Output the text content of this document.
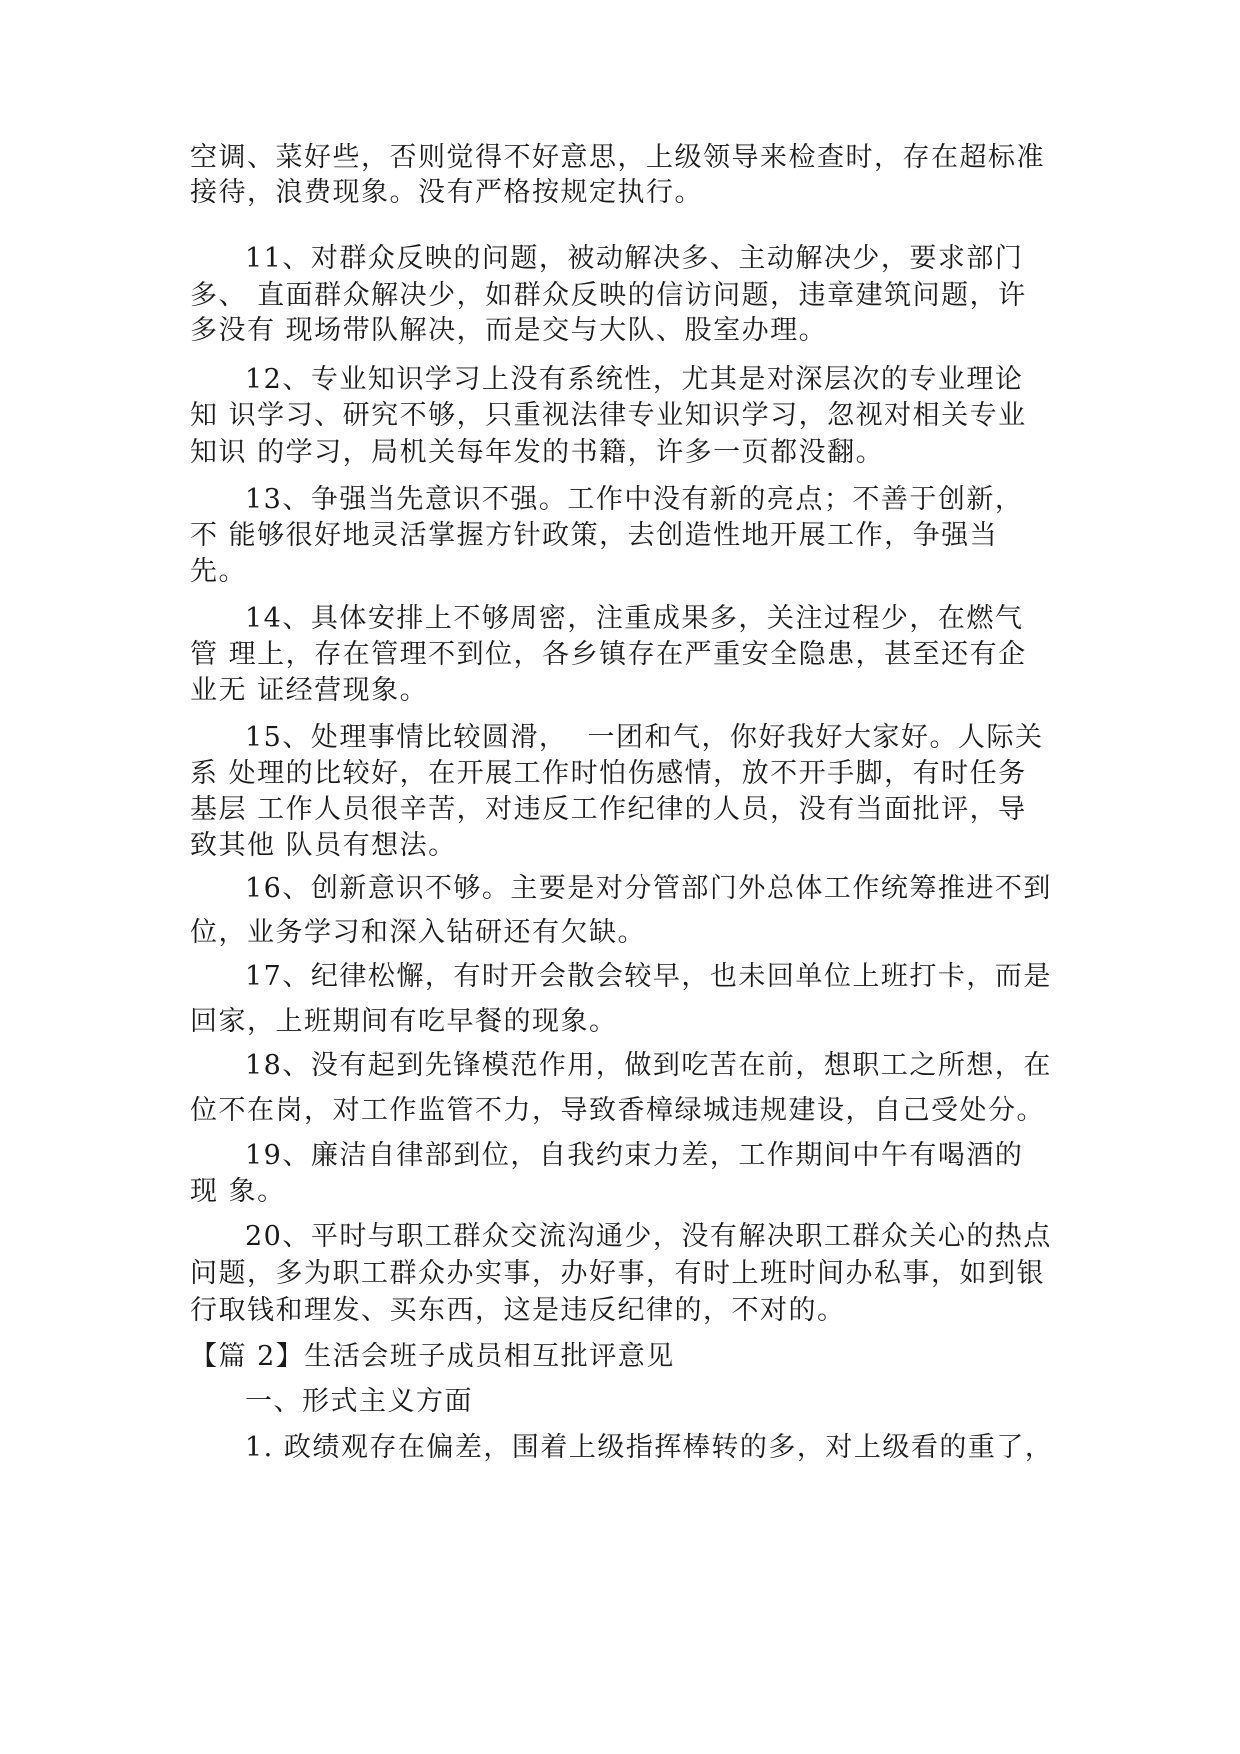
空调、菜好些，否则觉得不好意思，上级领导来检查时，存在超标准
接待，浪费现象。没有严格按规定执行。
11、对群众反映的问题，被动解决多、主动解决少，要求部门
多、 直面群众解决少，如群众反映的信访问题，违章建筑问题，许
多没有 现场带队解决，而是交与大队、股室办理。
12、专业知识学习上没有系统性，尤其是对深层次的专业理论
知 识学习、研究不够，只重视法律专业知识学习，忽视对相关专业
知识 的学习，局机关每年发的书籍，许多一页都没翻。
13、争强当先意识不强。工作中没有新的亮点；不善于创新，
不 能够很好地灵活掌握方针政策，去创造性地开展工作，争强当
先。
14、具体安排上不够周密，注重成果多，关注过程少，在燃气
管 理上，存在管理不到位，各乡镇存在严重安全隐患，甚至还有企
业无 证经营现象。
15、处理事情比较圆滑，  一团和气，你好我好大家好。人际关
系 处理的比较好，在开展工作时怕伤感情，放不开手脚，有时任务
基层 工作人员很辛苦，对违反工作纪律的人员，没有当面批评，导
致其他 队员有想法。
16、创新意识不够。主要是对分管部门外总体工作统筹推进不到
位，业务学习和深入钻研还有欠缺。
17、纪律松懈，有时开会散会较早，也未回单位上班打卡，而是
回家，上班期间有吃早餐的现象。
18、没有起到先锋模范作用，做到吃苦在前，想职工之所想，在
位不在岗，对工作监管不力，导致香樟绿城违规建设，自己受处分。
19、廉洁自律部到位，自我约束力差，工作期间中午有喝酒的
现 象。
20、平时与职工群众交流沟通少，没有解决职工群众关心的热点
问题，多为职工群众办实事，办好事，有时上班时间办私事，如到银
行取钱和理发、买东西，这是违反纪律的，不对的。
【篇 2】生活会班子成员相互批评意见
一、形式主义方面
1. 政绩观存在偏差，围着上级指挥棒转的多，对上级看的重了，
